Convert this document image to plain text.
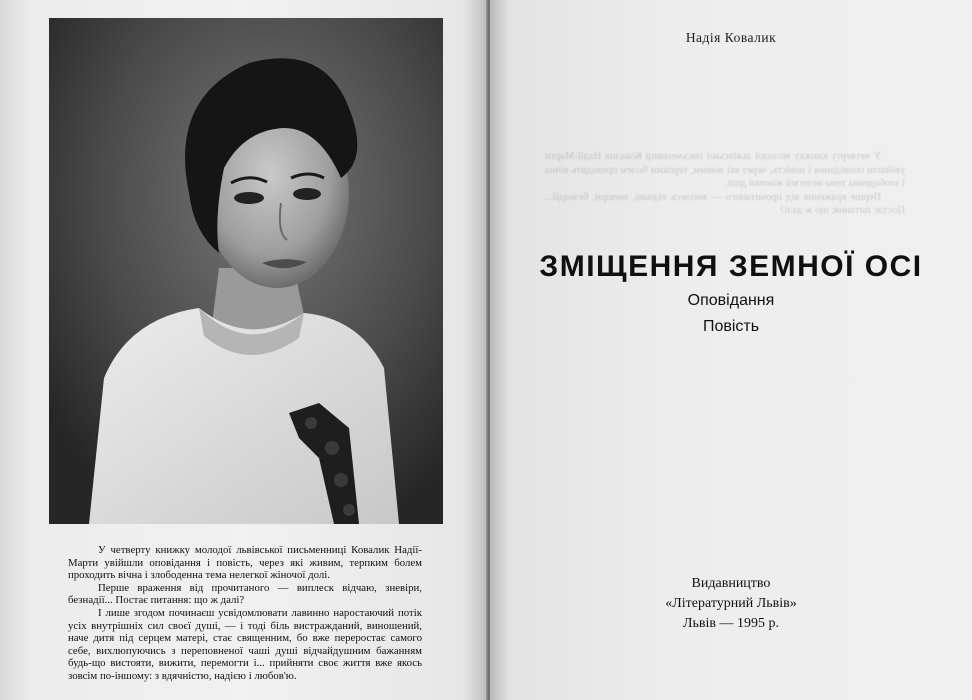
У четверту книжку молодої львівської письменниці Ковалик Надії-Марти увійшли оповідання і повість, через які живим, терпким болем проходить вічна і злободенна тема нелегкої жіночої долі.

Перше враження від прочитаного — виплеск відчаю, зневіри, безнадії... Постає питання: що ж далі?

І лише згодом починаєш усвідомлювати лавинно наростаючий потік усіх внутрішніх сил своєї душі, — і тоді біль вистражданий, виношений, наче дитя під серцем матері, стає священним, бо вже переростає самого себе, вихлюпуючись з переповненої чаші душі відчайдушним бажанням будь-що вистояти, вижити, перемогти і... прийняти своє життя вже якось зовсім по-іншому: з вдячністю, надією і любов'ю.

Надія Ковалик

У четверту книжку молодої львівської письменниці Ковалик Надії-Марти увійшли оповідання і повість, через які живим, терпким болем проходить вічна і злободенна тема нелегкої жіночої долі.

Перше враження від прочитаного — виплеск відчаю, зневіри, безнадії... Постає питання: що ж далі?

ЗМІЩЕННЯ ЗЕМНОЇ ОСІ
Оповідання
Повість
Видавництво
«Літературний Львів»
Львів — 1995 р.
